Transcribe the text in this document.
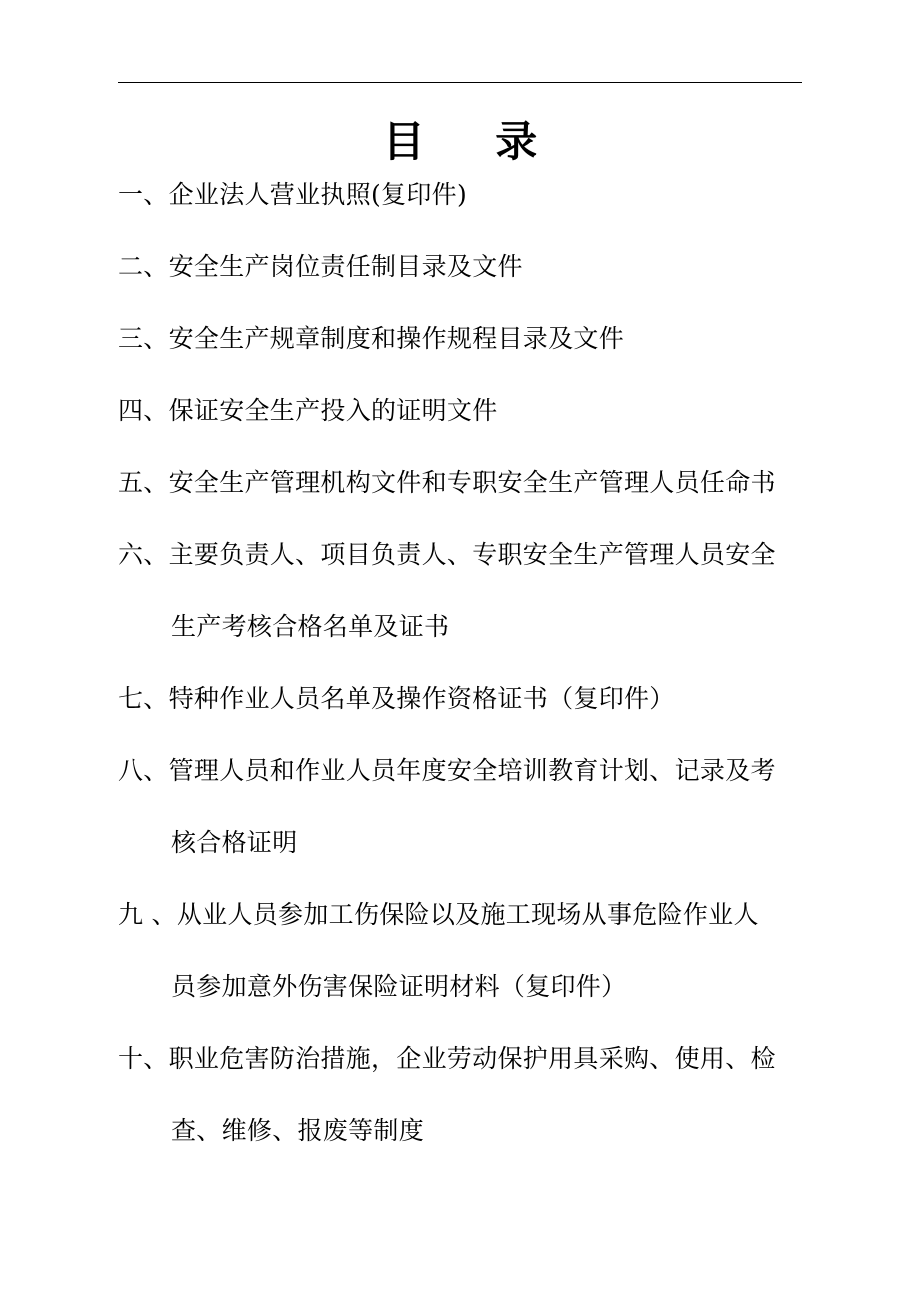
目 录
一、企业法人营业执照(复印件)
二、安全生产岗位责任制目录及文件
三、安全生产规章制度和操作规程目录及文件
四、保证安全生产投入的证明文件
五、安全生产管理机构文件和专职安全生产管理人员任命书
六、主要负责人、项目负责人、专职安全生产管理人员安全
生产考核合格名单及证书
七、特种作业人员名单及操作资格证书（复印件）
八、管理人员和作业人员年度安全培训教育计划、记录及考
核合格证明
九 、从业人员参加工伤保险以及施工现场从事危险作业人
员参加意外伤害保险证明材料（复印件）
十、职业危害防治措施，企业劳动保护用具采购、使用、检
查、维修、报废等制度
